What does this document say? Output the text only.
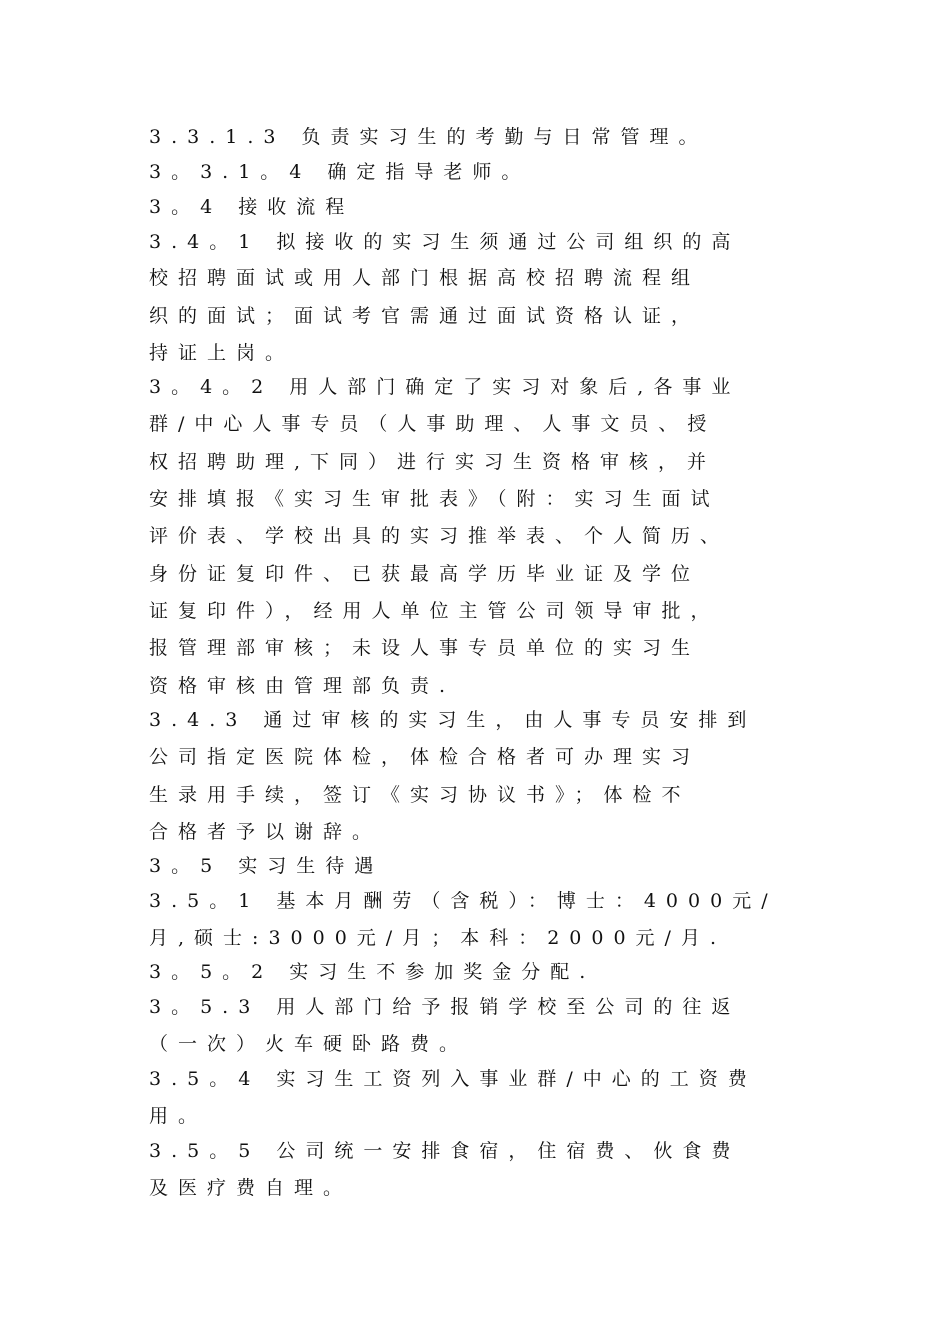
3.3.1.3 负责实习生的考勤与日常管理。
3。3.1。4 确定指导老师。
3。4 接收流程
3.4。1 拟接收的实习生须通过公司组织的高
校招聘面试或用人部门根据高校招聘流程组
织的面试；面试考官需通过面试资格认证，
持证上岗。
3。4。2 用人部门确定了实习对象后,各事业
群/中心人事专员（人事助理、人事文员、授
权招聘助理,下同）进行实习生资格审核，并
安排填报《实习生审批表》（附：实习生面试
评价表、学校出具的实习推举表、个人简历、
身份证复印件、已获最高学历毕业证及学位
证复印件），经用人单位主管公司领导审批，
报管理部审核；未设人事专员单位的实习生
资格审核由管理部负责.
3.4.3 通过审核的实习生，由人事专员安排到
公司指定医院体检，体检合格者可办理实习
生录用手续，签订《实习协议书》；体检不
合格者予以谢辞。
3。5 实习生待遇
3.5。1 基本月酬劳（含税）：博士：4000元/
月,硕士:3000元/月；本科：2000元/月.
3。5。2 实习生不参加奖金分配.
3。5.3 用人部门给予报销学校至公司的往返
（一次）火车硬卧路费。
3.5。4 实习生工资列入事业群/中心的工资费
用。
3.5。5 公司统一安排食宿，住宿费、伙食费
及医疗费自理。
